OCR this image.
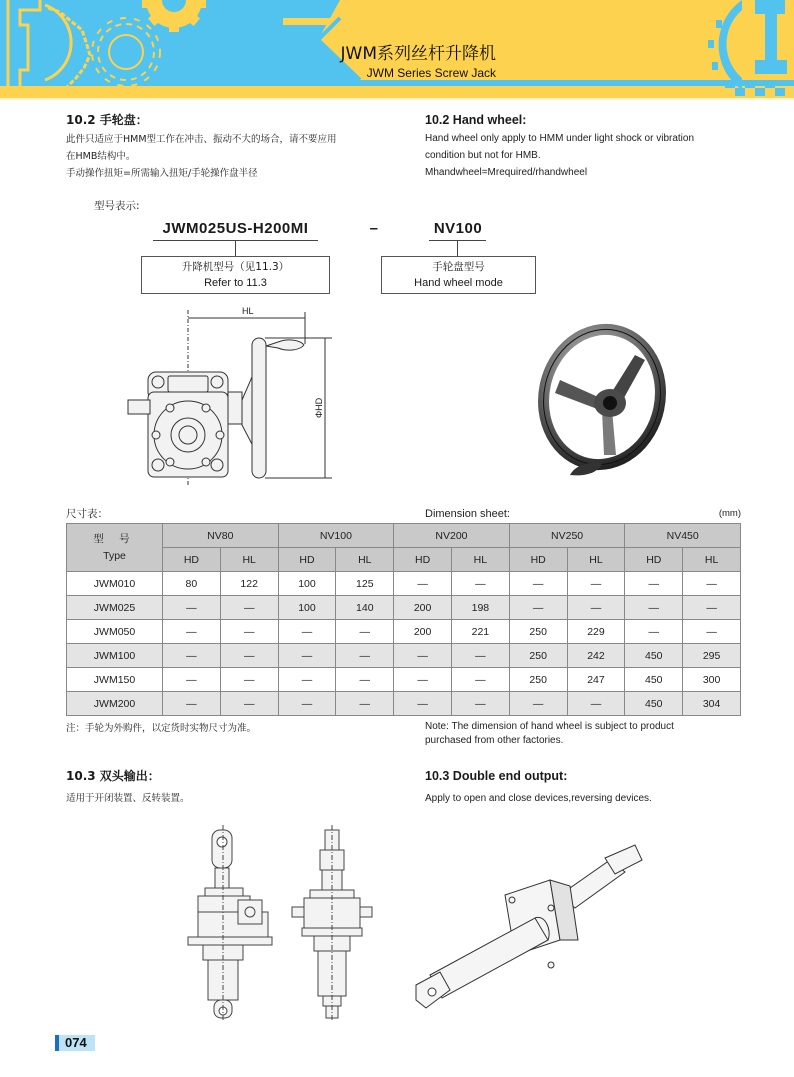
JWM系列丝杆升降机
JWM Series Screw Jack
10.2 手轮盘：
此件只适应于HMM型工作在冲击、振动不大的场合，请不要应用
在HMB结构中。
手动操作扭矩=所需输入扭矩/手轮操作盘半径
10.2 Hand wheel:
Hand wheel only apply to HMM under light shock or vibration
condition but not for HMB.
Mhandwheel=Mrequired/rhandwheel
型号表示:
JWM025US-H200MI	–	NV100
升降机型号（见11.3）
Refer to 11.3
手轮盘型号
Hand wheel mode
HL
ΦHD
尺寸表：	Dimension sheet:	(mm)
型 号
Type	NV80		NV100		NV200		NV250		NV450	
	HD	HL	HD	HL	HD	HL	HD	HL	HD	HL
JWM010	80	122	100	125	—	—	—	—	—	—
JWM025	—	—	100	140	200	198	—	—	—	—
JWM050	—	—	—	—	200	221	250	229	—	—
JWM100	—	—	—	—	—	—	250	242	450	295
JWM150	—	—	—	—	—	—	250	247	450	300
JWM200	—	—	—	—	—	—	—	—	450	304
注：手轮为外购件，以定货时实物尺寸为准。	Note: The dimension of hand wheel is subject to product
purchased from other factories.
10.3 双头输出：	10.3 Double end output:
适用于开闭装置、反转装置。	Apply to open and close devices,reversing devices.
074
